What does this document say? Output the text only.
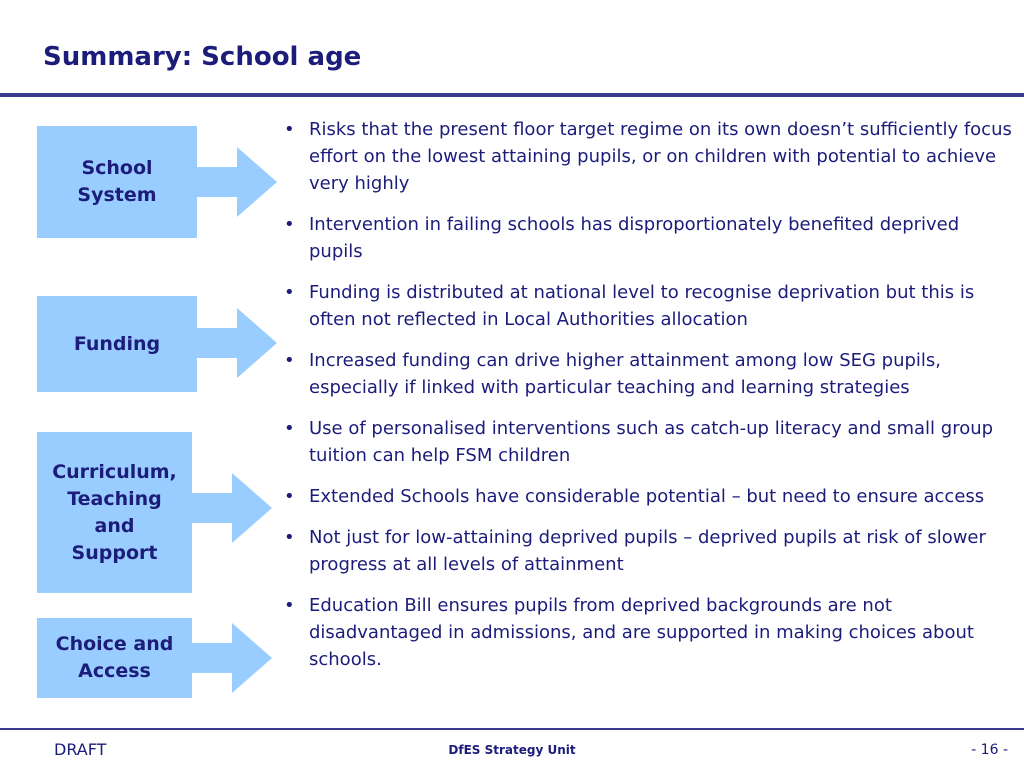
Summary: School age
School
System
Funding
Curriculum,
Teaching
and
Support
Choice and
Access
• Risks that the present floor target regime on its own doesn’t sufficiently focus effort on the lowest attaining pupils, or on children with potential to achieve very highly
• Intervention in failing schools has disproportionately benefited deprived pupils
• Funding is distributed at national level to recognise deprivation but this is often not reflected in Local Authorities allocation
• Increased funding can drive higher attainment among low SEG pupils, especially if linked with particular teaching and learning strategies
• Use of personalised interventions such as catch-up literacy and small group tuition can help FSM children
• Extended Schools have considerable potential – but need to ensure access
• Not just for low-attaining deprived pupils – deprived pupils at risk of slower progress at all levels of attainment
• Education Bill ensures pupils from deprived backgrounds are not disadvantaged in admissions, and are supported in making choices about schools.
DRAFT	DfES Strategy Unit	- 16 -
